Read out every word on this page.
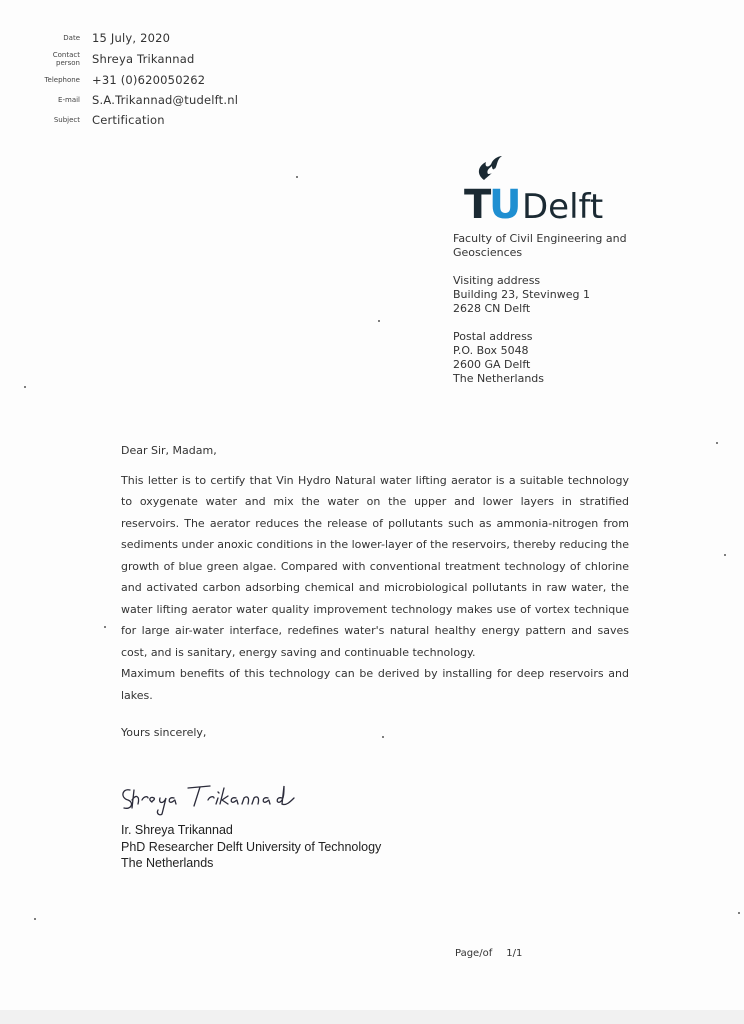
Date 15 July, 2020
Contact person Shreya Trikannad
Telephone +31 (0)620050262
E-mail S.A.Trikannad@tudelft.nl
Subject Certification
T
U Delft
Faculty of Civil Engineering and
Geosciences
Visiting address
Building 23, Stevinweg 1
2628 CN Delft
Postal address
P.O. Box 5048
2600 GA Delft
The Netherlands
Dear Sir, Madam,
This letter is to certify that Vin Hydro Natural water lifting aerator is a suitable technology to oxygenate water and mix the water on the upper and lower layers in stratified reservoirs. The aerator reduces the release of pollutants such as ammonia-nitrogen from sediments under anoxic conditions in the lower-layer of the reservoirs, thereby reducing the growth of blue green algae. Compared with conventional treatment technology of chlorine and activated carbon adsorbing chemical and microbiological pollutants in raw water, the water lifting aerator water quality improvement technology makes use of vortex technique for large air-water interface, redefines water's natural healthy energy pattern and saves cost, and is sanitary, energy saving and continuable technology.
Maximum benefits of this technology can be derived by installing for deep reservoirs and lakes.
Yours sincerely,
Ir. Shreya Trikannad
PhD Researcher Delft University of Technology
The Netherlands
Page/of 1/1
